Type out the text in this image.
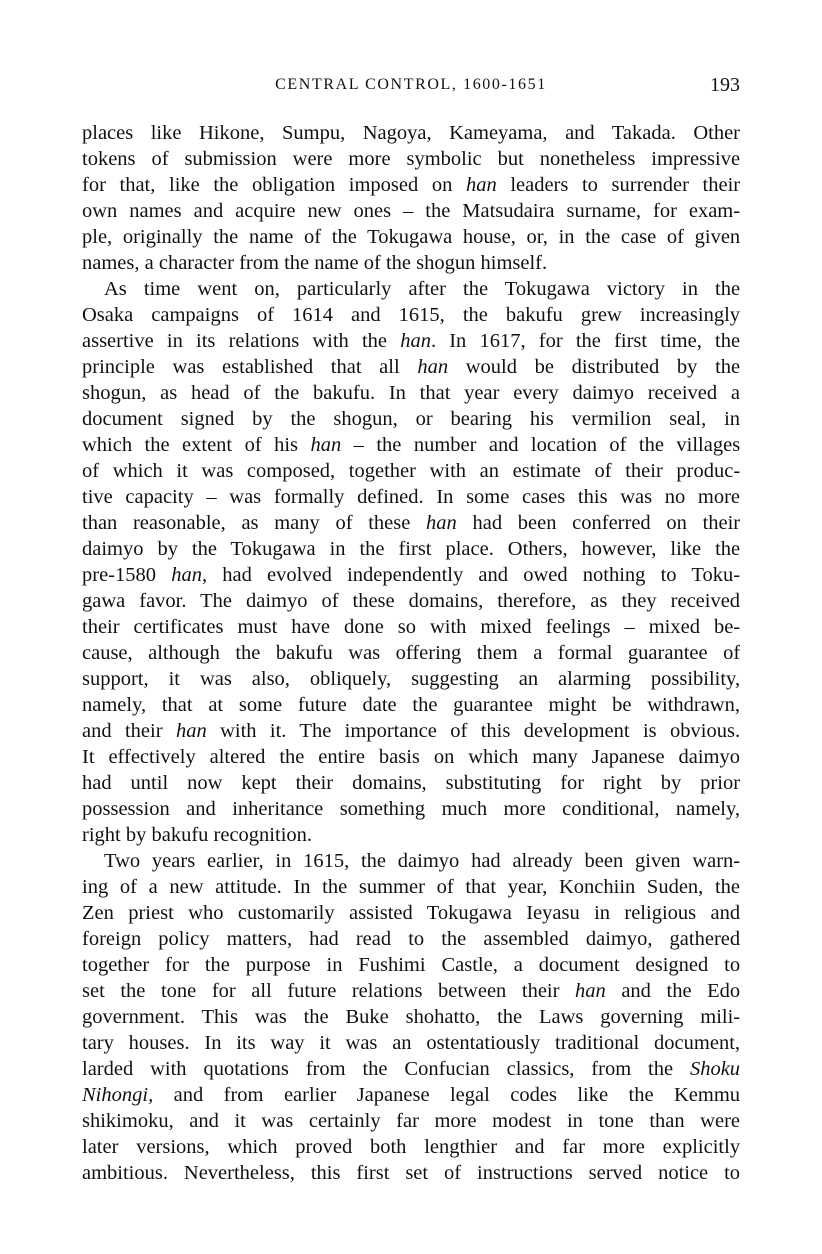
CENTRAL CONTROL, 1600-1651	193
places like Hikone, Sumpu, Nagoya, Kameyama, and Takada. Other
tokens of submission were more symbolic but nonetheless impressive
for that, like the obligation imposed on han leaders to surrender their
own names and acquire new ones – the Matsudaira surname, for exam-
ple, originally the name of the Tokugawa house, or, in the case of given
names, a character from the name of the shogun himself.
As time went on, particularly after the Tokugawa victory in the
Osaka campaigns of 1614 and 1615, the bakufu grew increasingly
assertive in its relations with the han. In 1617, for the first time, the
principle was established that all han would be distributed by the
shogun, as head of the bakufu. In that year every daimyo received a
document signed by the shogun, or bearing his vermilion seal, in
which the extent of his han – the number and location of the villages
of which it was composed, together with an estimate of their produc-
tive capacity – was formally defined. In some cases this was no more
than reasonable, as many of these han had been conferred on their
daimyo by the Tokugawa in the first place. Others, however, like the
pre-1580 han, had evolved independently and owed nothing to Toku-
gawa favor. The daimyo of these domains, therefore, as they received
their certificates must have done so with mixed feelings – mixed be-
cause, although the bakufu was offering them a formal guarantee of
support, it was also, obliquely, suggesting an alarming possibility,
namely, that at some future date the guarantee might be withdrawn,
and their han with it. The importance of this development is obvious.
It effectively altered the entire basis on which many Japanese daimyo
had until now kept their domains, substituting for right by prior
possession and inheritance something much more conditional, namely,
right by bakufu recognition.
Two years earlier, in 1615, the daimyo had already been given warn-
ing of a new attitude. In the summer of that year, Konchiin Suden, the
Zen priest who customarily assisted Tokugawa Ieyasu in religious and
foreign policy matters, had read to the assembled daimyo, gathered
together for the purpose in Fushimi Castle, a document designed to
set the tone for all future relations between their han and the Edo
government. This was the Buke shohatto, the Laws governing mili-
tary houses. In its way it was an ostentatiously traditional document,
larded with quotations from the Confucian classics, from the Shoku
Nihongi, and from earlier Japanese legal codes like the Kemmu
shikimoku, and it was certainly far more modest in tone than were
later versions, which proved both lengthier and far more explicitly
ambitious. Nevertheless, this first set of instructions served notice to
